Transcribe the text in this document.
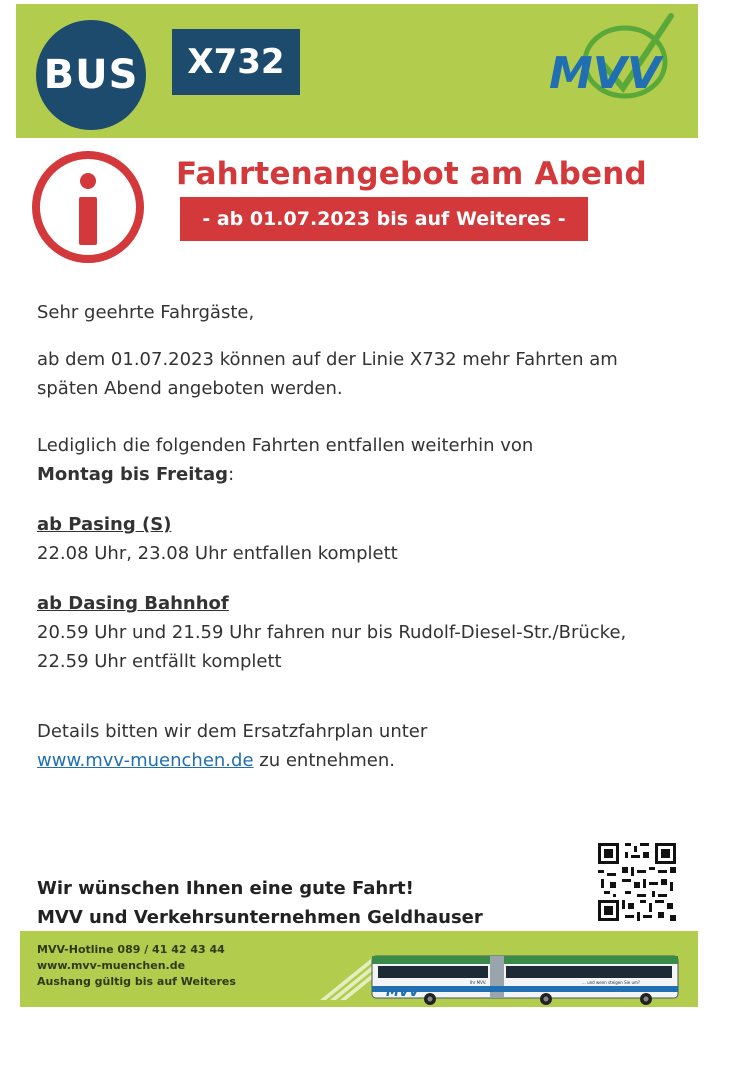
BUS	X732	MVV
Fahrtenangebot am Abend
- ab 01.07.2023 bis auf Weiteres -
Sehr geehrte Fahrgäste,
ab dem 01.07.2023 können auf der Linie X732 mehr Fahrten am
späten Abend angeboten werden.
Lediglich die folgenden Fahrten entfallen weiterhin von
Montag bis Freitag:
ab Pasing (S)
22.08 Uhr, 23.08 Uhr entfallen komplett
ab Dasing Bahnhof
20.59 Uhr und 21.59 Uhr fahren nur bis Rudolf-Diesel-Str./Brücke,
22.59 Uhr entfällt komplett
Details bitten wir dem Ersatzfahrplan unter
www.mvv-muenchen.de zu entnehmen.
Wir wünschen Ihnen eine gute Fahrt!
MVV und Verkehrsunternehmen Geldhauser
MVV-Hotline 089 / 41 42 43 44
www.mvv-muenchen.de
Aushang gültig bis auf Weiteres
MVV
Ihr MVV.	... und wenn steigen Sie um?
